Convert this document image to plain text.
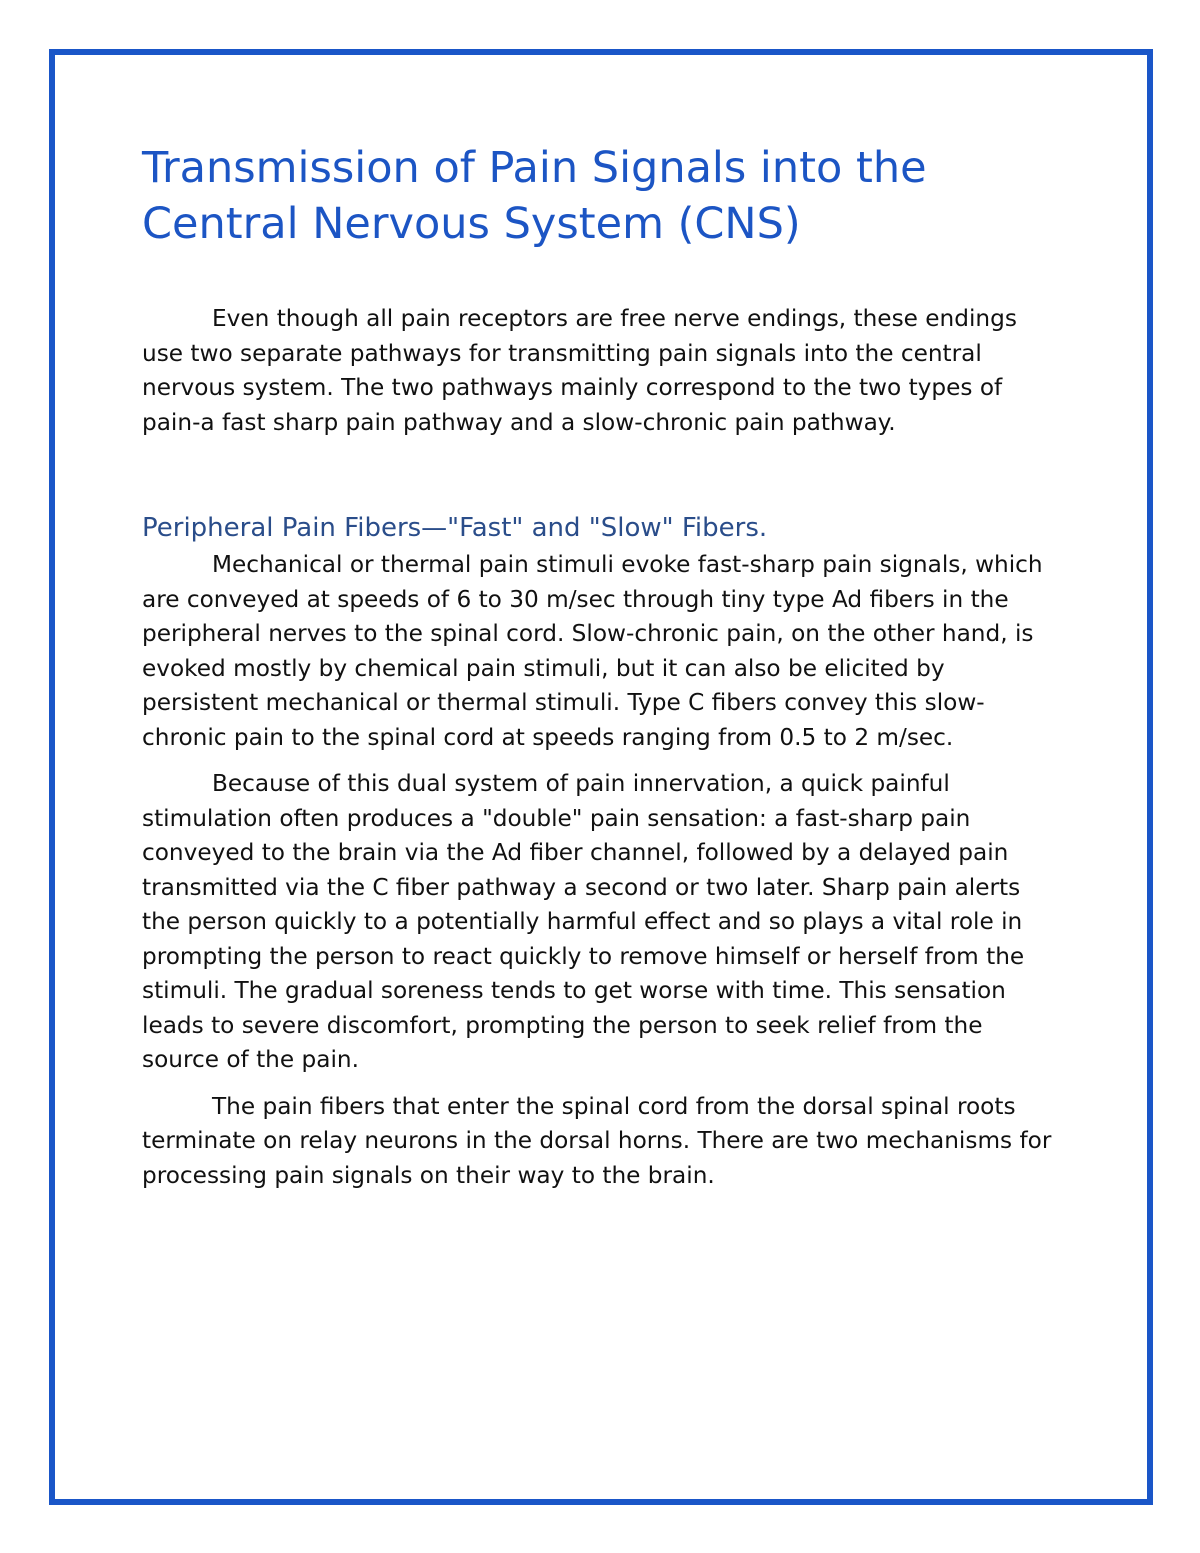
Transmission of Pain Signals into the Central Nervous System (CNS)

Even though all pain receptors are free nerve endings, these endings use two separate pathways for transmitting pain signals into the central nervous system. The two pathways mainly correspond to the two types of pain-a fast sharp pain pathway and a slow-chronic pain pathway.

Peripheral Pain Fibers—"Fast" and "Slow" Fibers.

Mechanical or thermal pain stimuli evoke fast-sharp pain signals, which are conveyed at speeds of 6 to 30 m/sec through tiny type Ad fibers in the peripheral nerves to the spinal cord. Slow-chronic pain, on the other hand, is evoked mostly by chemical pain stimuli, but it can also be elicited by persistent mechanical or thermal stimuli. Type C fibers convey this slow-chronic pain to the spinal cord at speeds ranging from 0.5 to 2 m/sec.

Because of this dual system of pain innervation, a quick painful stimulation often produces a "double" pain sensation: a fast-sharp pain conveyed to the brain via the Ad fiber channel, followed by a delayed pain transmitted via the C fiber pathway a second or two later. Sharp pain alerts the person quickly to a potentially harmful effect and so plays a vital role in prompting the person to react quickly to remove himself or herself from the stimuli. The gradual soreness tends to get worse with time. This sensation leads to severe discomfort, prompting the person to seek relief from the source of the pain.

The pain fibers that enter the spinal cord from the dorsal spinal roots terminate on relay neurons in the dorsal horns. There are two mechanisms for processing pain signals on their way to the brain.
